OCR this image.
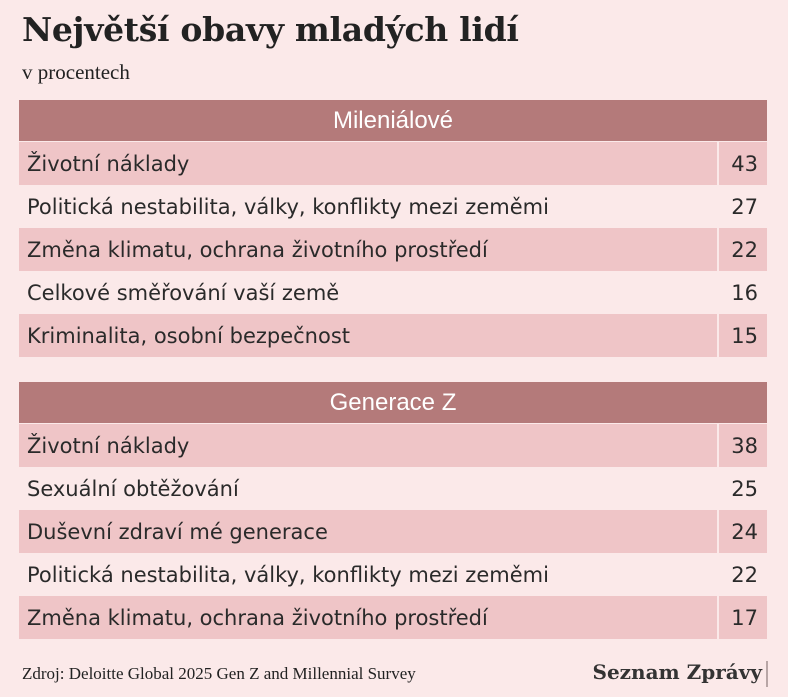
Největší obavy mladých lidí
v procentech
Mileniálové
Životní náklady	43
Politická nestabilita, války, konflikty mezi zeměmi	27
Změna klimatu, ochrana životního prostředí	22
Celkové směřování vaší země	16
Kriminalita, osobní bezpečnost	15
Generace Z
Životní náklady	38
Sexuální obtěžování	25
Duševní zdraví mé generace	24
Politická nestabilita, války, konflikty mezi zeměmi	22
Změna klimatu, ochrana životního prostředí	17
Zdroj: Deloitte Global 2025 Gen Z and Millennial Survey	Seznam Zprávy
